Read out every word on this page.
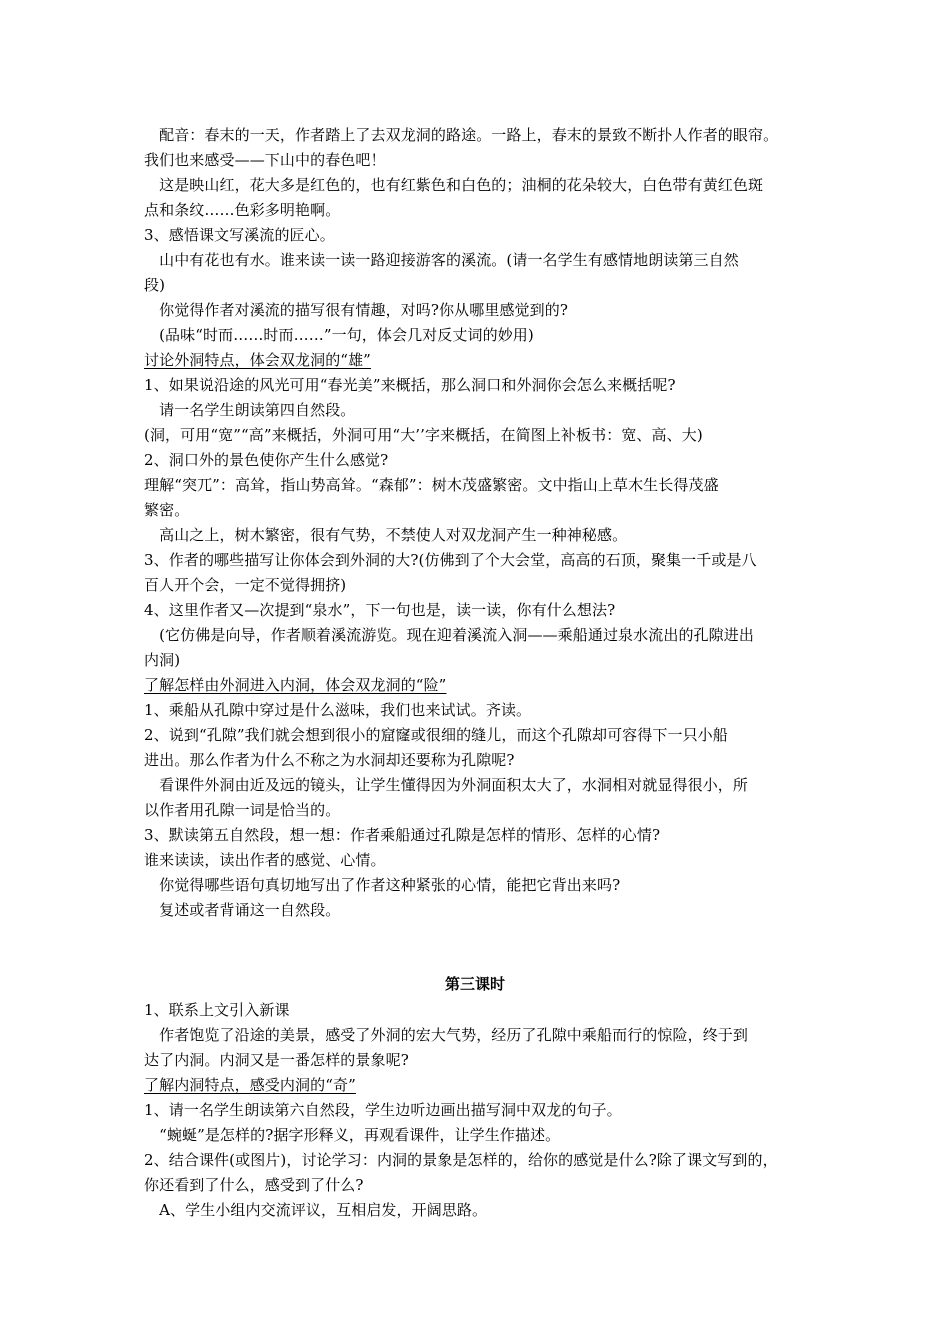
　配音：春末的一天，作者踏上了去双龙洞的路途。一路上，春末的景致不断扑人作者的眼帘。
我们也来感受——下山中的春色吧！
　这是映山红，花大多是红色的，也有红紫色和白色的；油桐的花朵较大，白色带有黄红色斑
点和条纹……色彩多明艳啊。
3、感悟课文写溪流的匠心。
　山中有花也有水。谁来读一读一路迎接游客的溪流。(请一名学生有感情地朗读第三自然
段)
　你觉得作者对溪流的描写很有情趣，对吗?你从哪里感觉到的?
　(品味“时而……时而……”一句，体会几对反丈词的妙用)
讨论外洞特点，体会双龙洞的“雄”
1、如果说沿途的风光可用“春光美”来概括，那么洞口和外洞你会怎么来概括呢?
　请一名学生朗读第四自然段。
(洞，可用“宽”“高”来概括，外洞可用“大’’字来概括，在简图上补板书：宽、高、大)
2、洞口外的景色使你产生什么感觉?
理解“突兀”：高耸，指山势高耸。“森郁”：树木茂盛繁密。文中指山上草木生长得茂盛
繁密。
　高山之上，树木繁密，很有气势，不禁使人对双龙洞产生一种神秘感。
3、作者的哪些描写让你体会到外洞的大?(仿佛到了个大会堂，高高的石顶，聚集一千或是八
百人开个会，一定不觉得拥挤)
4、这里作者又—次提到“泉水”，下一句也是，读一读，你有什么想法?
　(它仿佛是向导，作者顺着溪流游览。现在迎着溪流入洞——乘船通过泉水流出的孔隙进出
内洞)
了解怎样由外洞进入内洞，体会双龙洞的“险”
1、乘船从孔隙中穿过是什么滋味，我们也来试试。齐读。
2、说到“孔隙”我们就会想到很小的窟窿或很细的缝儿，而这个孔隙却可容得下一只小船
进出。那么作者为什么不称之为水洞却还要称为孔隙呢?
　看课件外洞由近及远的镜头，让学生懂得因为外洞面积太大了，水洞相对就显得很小，所
以作者用孔隙一词是恰当的。
3、默读第五自然段，想一想：作者乘船通过孔隙是怎样的情形、怎样的心情?
谁来读读，读出作者的感觉、心情。
　你觉得哪些语句真切地写出了作者这种紧张的心情，能把它背出来吗?
　复述或者背诵这一自然段。
第三课时
1、联系上文引入新课
　作者饱览了沿途的美景，感受了外洞的宏大气势，经历了孔隙中乘船而行的惊险，终于到
达了内洞。内洞又是一番怎样的景象呢?
了解内洞特点，感受内洞的“奇”
1、请一名学生朗读第六自然段，学生边听边画出描写洞中双龙的句子。
　“蜿蜒”是怎样的?据字形释义，再观看课件，让学生作描述。
2、结合课件(或图片)，讨论学习：内洞的景象是怎样的，给你的感觉是什么?除了课文写到的，
你还看到了什么，感受到了什么?
　A、学生小组内交流评议，互相启发，开阔思路。
